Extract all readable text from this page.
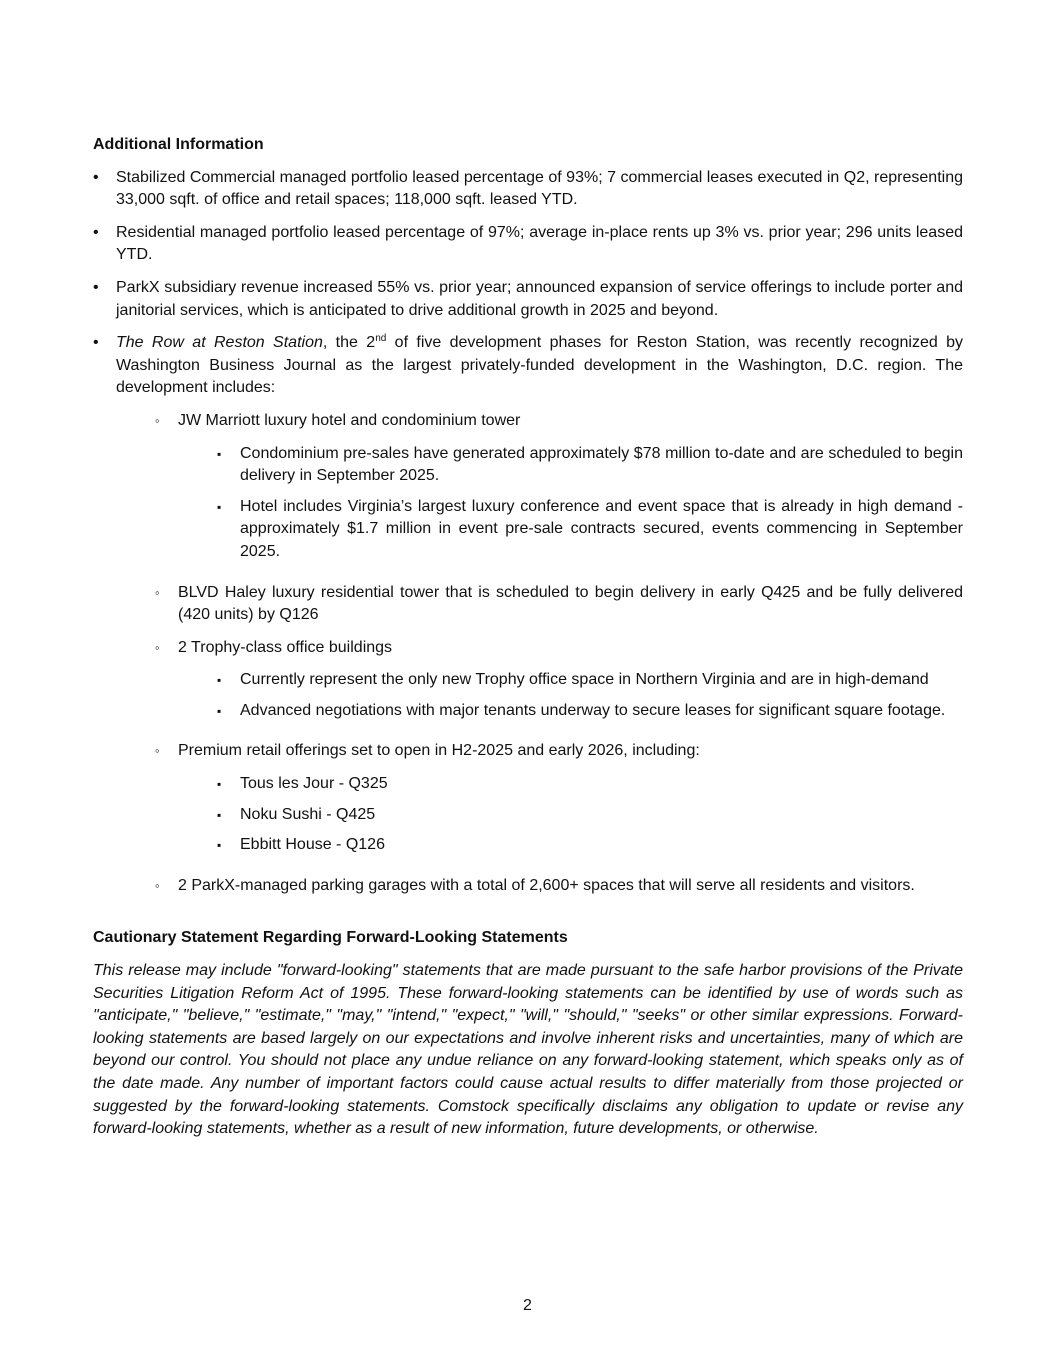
Additional Information
• Stabilized Commercial managed portfolio leased percentage of 93%; 7 commercial leases executed in Q2, representing 33,000 sqft. of office and retail spaces; 118,000 sqft. leased YTD.
• Residential managed portfolio leased percentage of 97%; average in-place rents up 3% vs. prior year; 296 units leased YTD.
• ParkX subsidiary revenue increased 55% vs. prior year; announced expansion of service offerings to include porter and janitorial services, which is anticipated to drive additional growth in 2025 and beyond.
• The Row at Reston Station, the 2nd of five development phases for Reston Station, was recently recognized by Washington Business Journal as the largest privately-funded development in the Washington, D.C. region. The development includes:
◦ JW Marriott luxury hotel and condominium tower
▪ Condominium pre-sales have generated approximately $78 million to-date and are scheduled to begin delivery in September 2025.
▪ Hotel includes Virginia’s largest luxury conference and event space that is already in high demand - approximately $1.7 million in event pre-sale contracts secured, events commencing in September 2025.
◦ BLVD Haley luxury residential tower that is scheduled to begin delivery in early Q425 and be fully delivered (420 units) by Q126
◦ 2 Trophy-class office buildings
▪ Currently represent the only new Trophy office space in Northern Virginia and are in high-demand
▪ Advanced negotiations with major tenants underway to secure leases for significant square footage.
◦ Premium retail offerings set to open in H2-2025 and early 2026, including:
▪ Tous les Jour - Q325
▪ Noku Sushi - Q425
▪ Ebbitt House - Q126
◦ 2 ParkX-managed parking garages with a total of 2,600+ spaces that will serve all residents and visitors.
Cautionary Statement Regarding Forward-Looking Statements

This release may include "forward-looking" statements that are made pursuant to the safe harbor provisions of the Private Securities Litigation Reform Act of 1995. These forward-looking statements can be identified by use of words such as "anticipate," "believe," "estimate," "may," "intend," "expect," "will," "should," "seeks" or other similar expressions. Forward-looking statements are based largely on our expectations and involve inherent risks and uncertainties, many of which are beyond our control. You should not place any undue reliance on any forward-looking statement, which speaks only as of the date made. Any number of important factors could cause actual results to differ materially from those projected or suggested by the forward-looking statements. Comstock specifically disclaims any obligation to update or revise any forward-looking statements, whether as a result of new information, future developments, or otherwise.

2
